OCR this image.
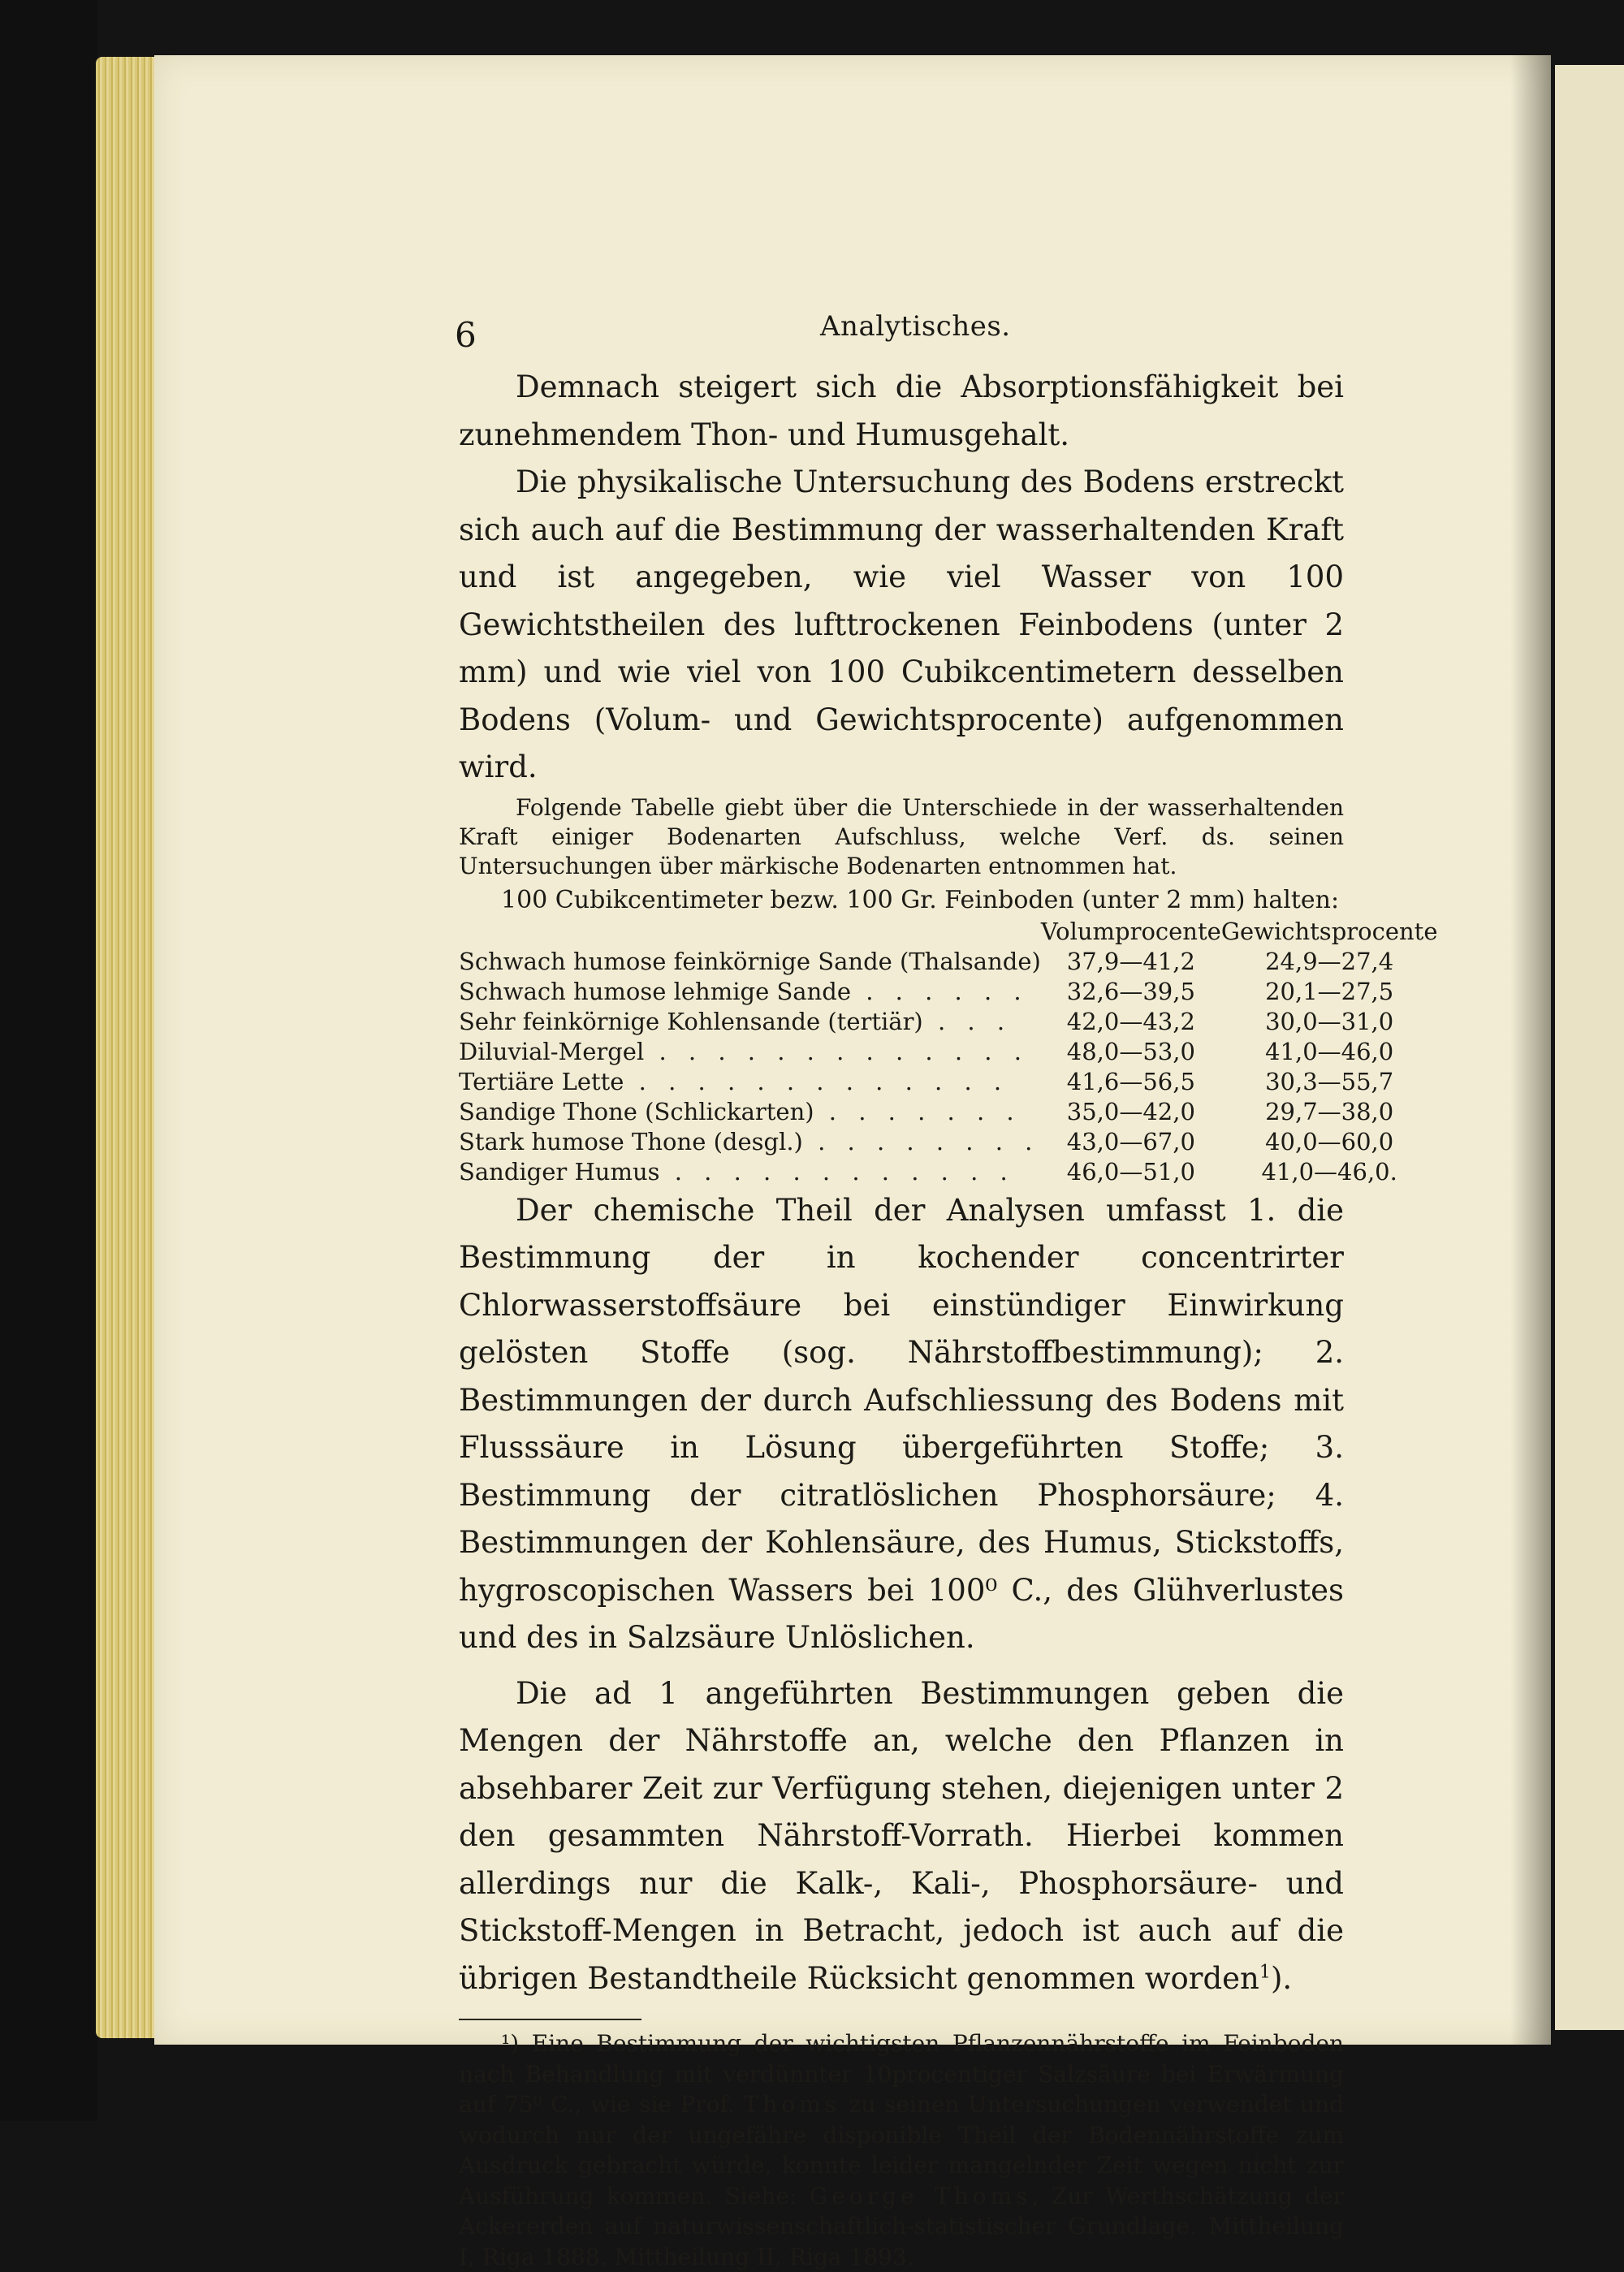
6	Analytisches.

Demnach steigert sich die Absorptionsfähigkeit bei zunehmendem Thon- und Humusgehalt.

Die physikalische Untersuchung des Bodens erstreckt sich auch auf die Bestimmung der wasserhaltenden Kraft und ist angegeben, wie viel Wasser von 100 Gewichtstheilen des lufttrockenen Feinbodens (unter 2 mm) und wie viel von 100 Cubikcentimetern desselben Bodens (Volum- und Gewichtsprocente) aufgenommen wird.

Folgende Tabelle giebt über die Unterschiede in der wasserhaltenden Kraft einiger Bodenarten Aufschluss, welche Verf. ds. seinen Untersuchungen über märkische Bodenarten entnommen hat.

100 Cubikcentimeter bezw. 100 Gr. Feinboden (unter 2 mm) halten:

	Volumprocente	Gewichtsprocente
Schwach humose feinkörnige Sande (Thalsande)	37,9—41,2	24,9—27,4
Schwach humose lehmige Sande . . . . . .	32,6—39,5	20,1—27,5
Sehr feinkörnige Kohlensande (tertiär) . . .	42,0—43,2	30,0—31,0
Diluvial-Mergel . . . . . . . . . . . . .	48,0—53,0	41,0—46,0
Tertiäre Lette . . . . . . . . . . . . .	41,6—56,5	30,3—55,7
Sandige Thone (Schlickarten) . . . . . . .	35,0—42,0	29,7—38,0
Stark humose Thone (desgl.) . . . . . . . .	43,0—67,0	40,0—60,0
Sandiger Humus . . . . . . . . . . . .	46,0—51,0	41,0—46,0.

Der chemische Theil der Analysen umfasst 1. die Bestimmung der in kochender concentrirter Chlorwasserstoffsäure bei einstündiger Einwirkung gelösten Stoffe (sog. Nährstoffbestimmung); 2. Bestimmungen der durch Aufschliessung des Bodens mit Flusssäure in Lösung übergeführten Stoffe; 3. Bestimmung der citratlöslichen Phosphorsäure; 4. Bestimmungen der Kohlensäure, des Humus, Stickstoffs, hygroscopischen Wassers bei 100⁰ C., des Glühverlustes und des in Salzsäure Unlöslichen.

Die ad 1 angeführten Bestimmungen geben die Mengen der Nährstoffe an, welche den Pflanzen in absehbarer Zeit zur Verfügung stehen, diejenigen unter 2 den gesammten Nährstoff-Vorrath. Hierbei kommen allerdings nur die Kalk-, Kali-, Phosphorsäure- und Stickstoff-Mengen in Betracht, jedoch ist auch auf die übrigen Bestandtheile Rücksicht genommen worden$^1$).

¹) Eine Bestimmung der wichtigsten Pflanzennährstoffe im Feinboden nach Behandlung mit verdünnter 10procentiger Salzsäure bei Erwärmung auf 75⁰ C., wie sie Prof. Thoms zu seinen Untersuchungen verwendet und wodurch nur der ungefähre disponible Theil der Bodennährstoffe zum Ausdruck gebracht würde, konnte leider mangelnder Zeit wegen nicht zur Ausführung kommen. Siehe: George Thoms, Zur Werthschätzung der Ackererden auf naturwissenschaftlich-statistischer Grundlage. Mittheilung I, Riga 1888. Mittheilung II, Riga 1893.
